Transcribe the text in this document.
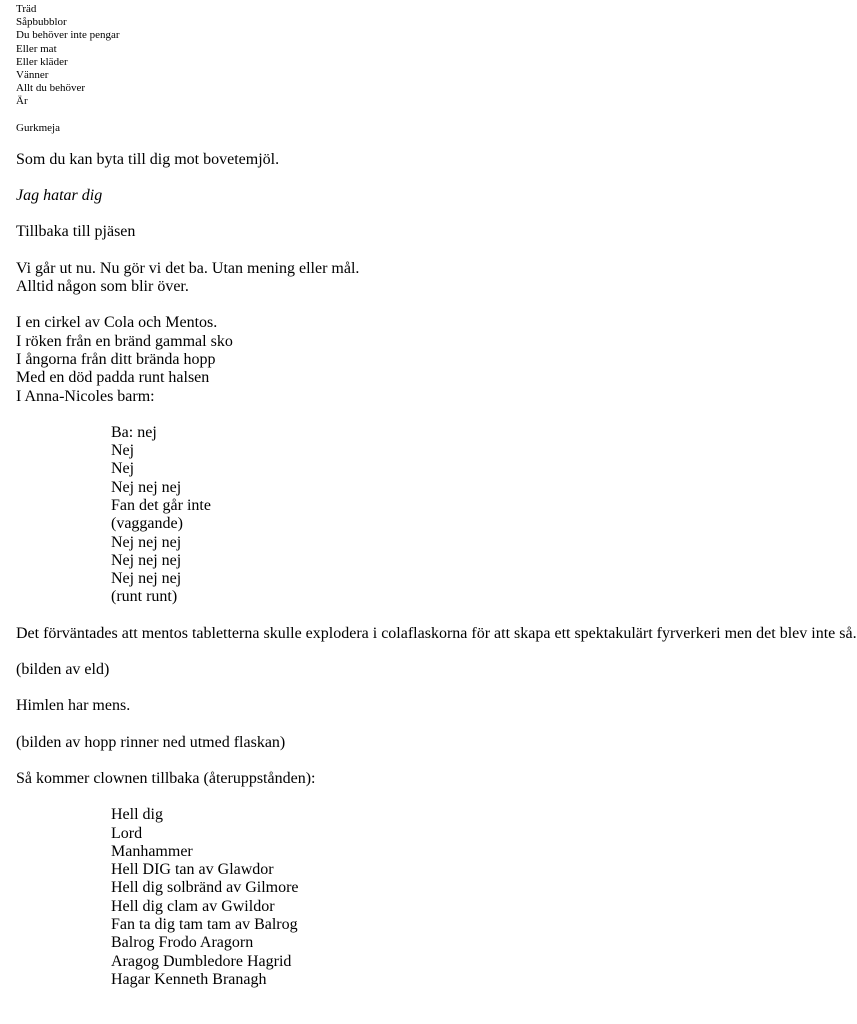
Träd
Såpbubblor
Du behöver inte pengar
Eller mat
Eller kläder
Vänner
Allt du behöver
Är
Gurkmeja
Som du kan byta till dig mot bovetemjöl.
Jag hatar dig
Tillbaka till pjäsen
Vi går ut nu. Nu gör vi det ba. Utan mening eller mål.
Alltid någon som blir över.
I en cirkel av Cola och Mentos.
I röken från en bränd gammal sko
I ångorna från ditt brända hopp
Med en död padda runt halsen
I Anna-Nicoles barm:
Ba: nej
Nej
Nej
Nej nej nej
Fan det går inte
(vaggande)
Nej nej nej
Nej nej nej
Nej nej nej
(runt runt)
Det förväntades att mentos tabletterna skulle explodera i colaflaskorna för att skapa ett spektakulärt fyrverkeri men det blev inte så.
(bilden av eld)
Himlen har mens.
(bilden av hopp rinner ned utmed flaskan)
Så kommer clownen tillbaka (återuppstånden):
Hell dig
Lord
Manhammer
Hell DIG tan av Glawdor
Hell dig solbränd av Gilmore
Hell dig clam av Gwildor
Fan ta dig tam tam av Balrog
Balrog Frodo Aragorn
Aragog Dumbledore Hagrid
Hagar Kenneth Branagh
